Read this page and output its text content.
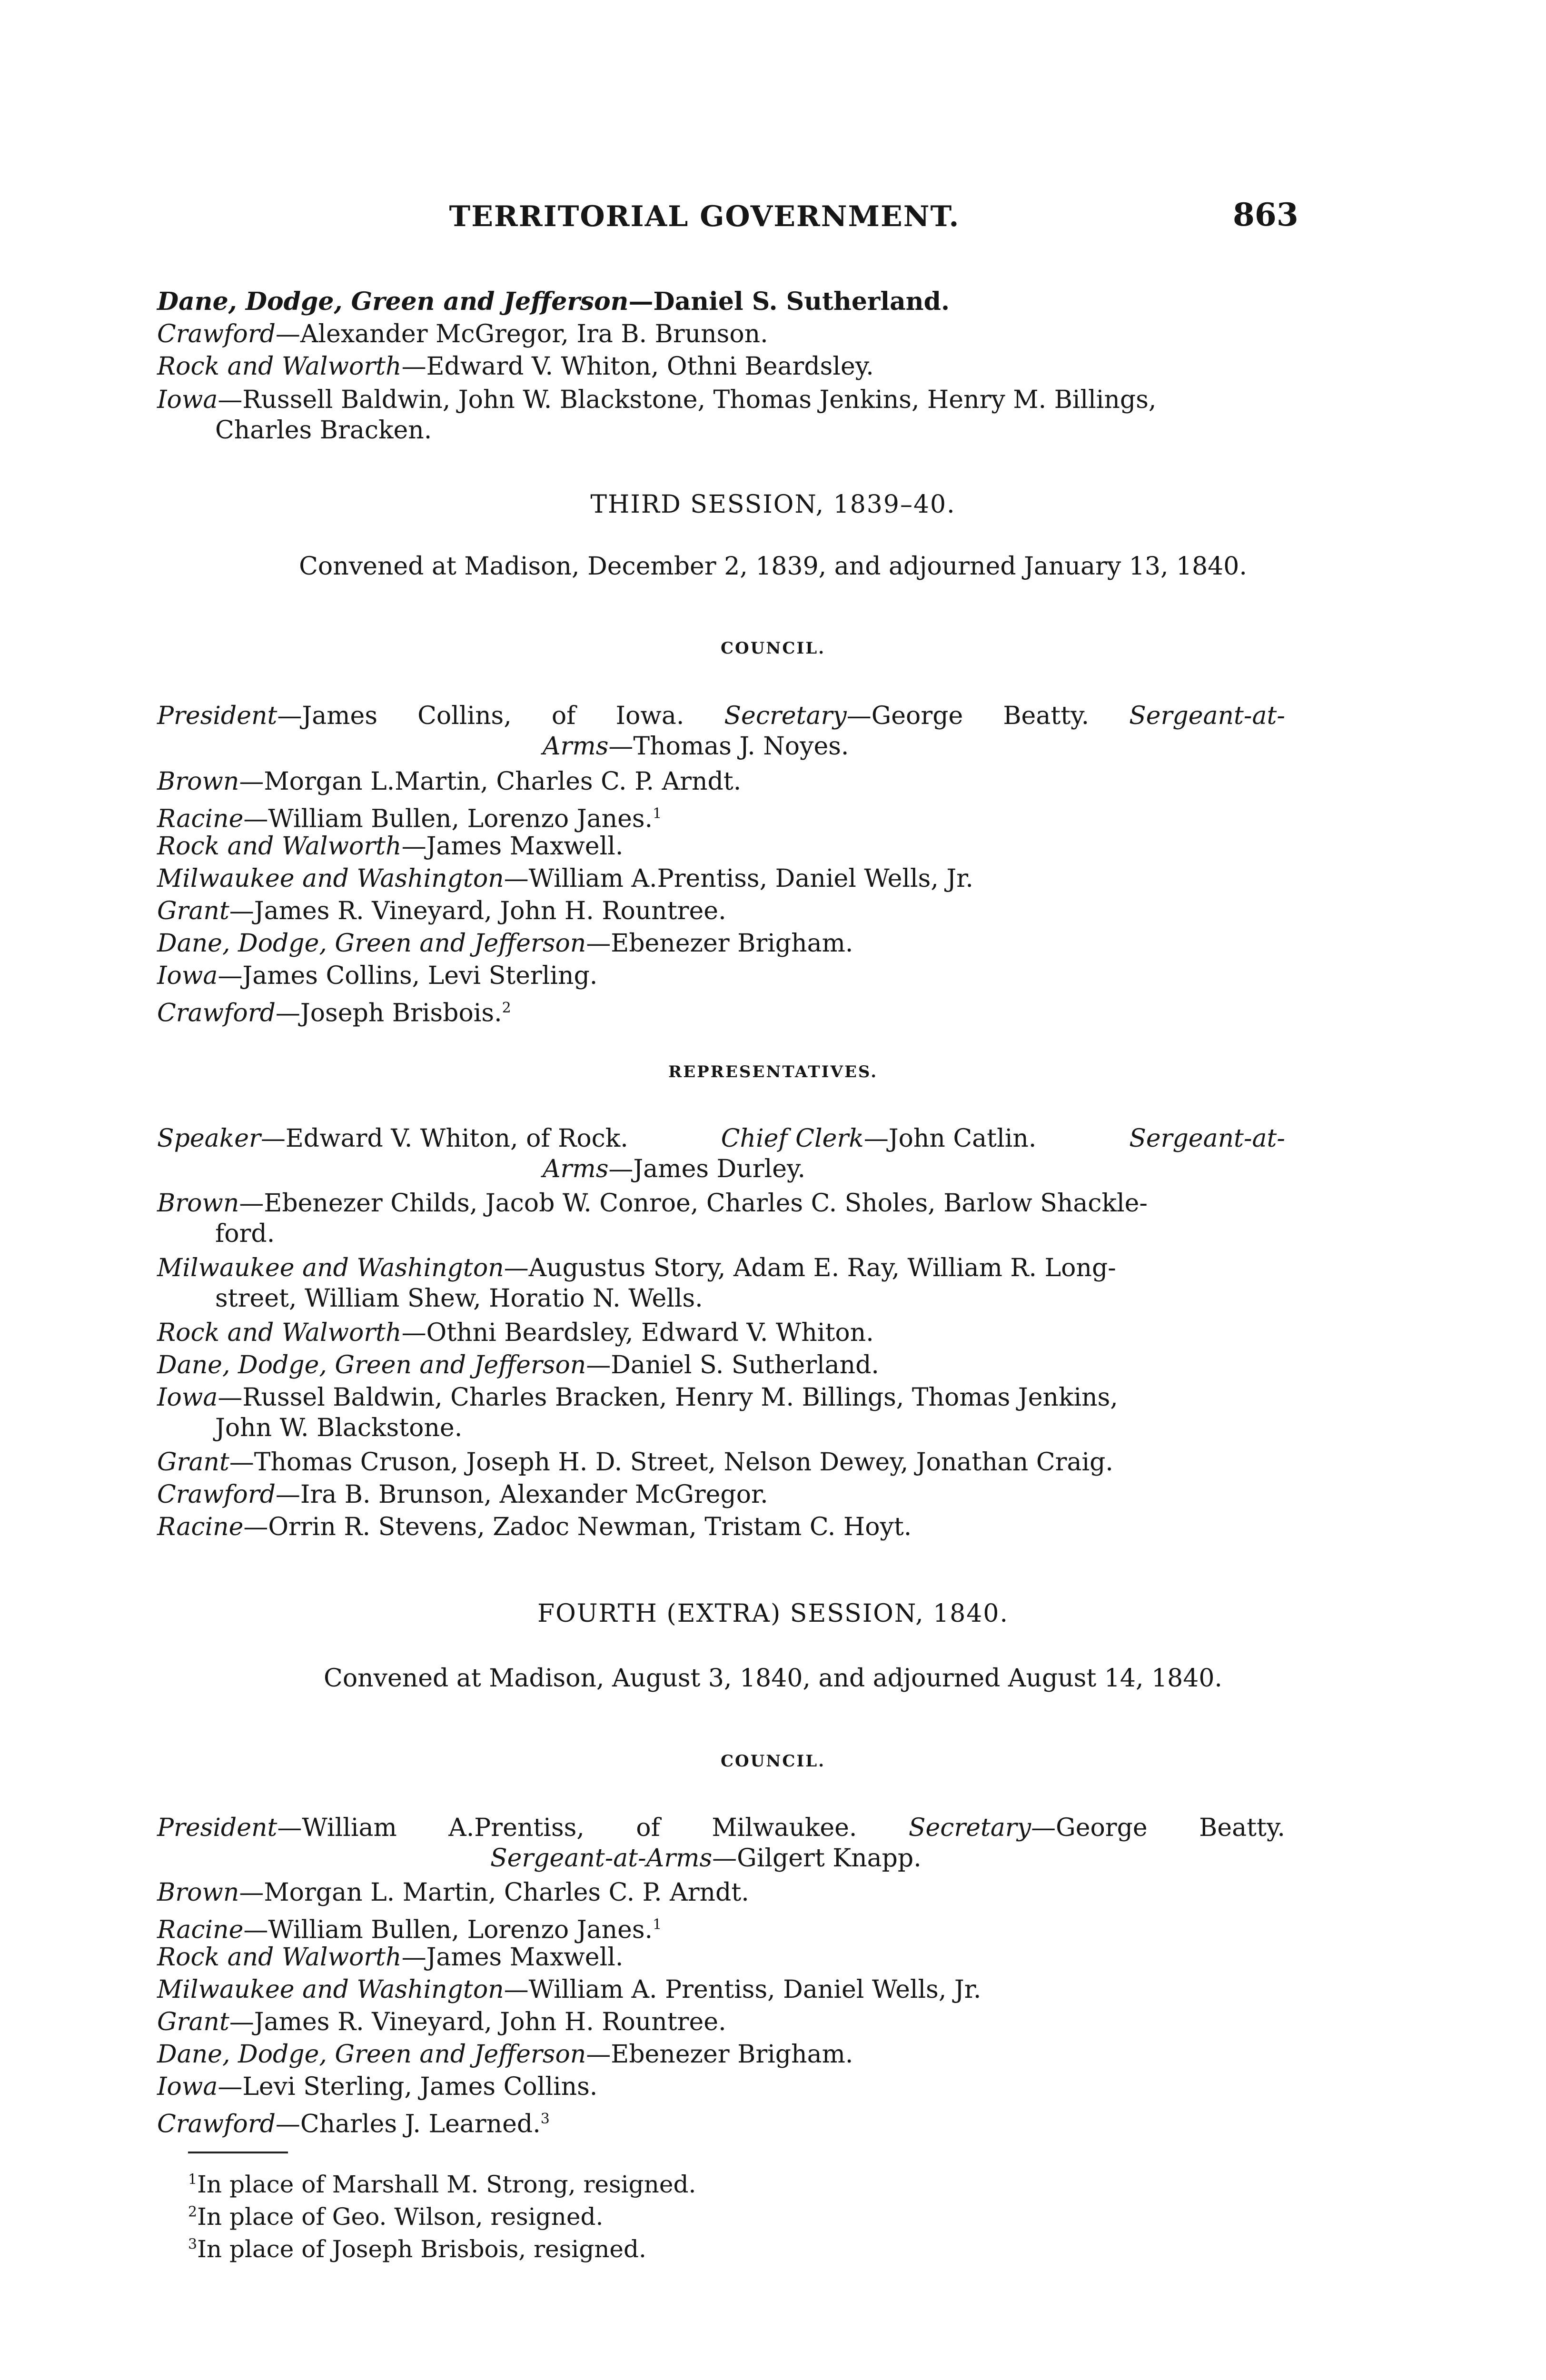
TERRITORIAL GOVERNMENT.	863
Dane, Dodge, Green and Jefferson—Daniel S. Sutherland.
Crawford—Alexander McGregor, Ira B. Brunson.
Rock and Walworth—Edward V. Whiton, Othni Beardsley.
Iowa—Russell Baldwin, John W. Blackstone, Thomas Jenkins, Henry M. Billings,
Charles Bracken.
THIRD SESSION, 1839–40.
Convened at Madison, December 2, 1839, and adjourned January 13, 1840.
COUNCIL.
President—James Collins, of Iowa. Secretary—George Beatty. Sergeant-at-
Arms—Thomas J. Noyes.
Brown—Morgan L.Martin, Charles C. P. Arndt.
Racine—William Bullen, Lorenzo Janes.$^1$
Rock and Walworth—James Maxwell.
Milwaukee and Washington—William A.Prentiss, Daniel Wells, Jr.
Grant—James R. Vineyard, John H. Rountree.
Dane, Dodge, Green and Jefferson—Ebenezer Brigham.
Iowa—James Collins, Levi Sterling.
Crawford—Joseph Brisbois.$^2$
REPRESENTATIVES.
Speaker—Edward V. Whiton, of Rock.	Chief Clerk—John Catlin.	Sergeant-at-
Arms—James Durley.
Brown—Ebenezer Childs, Jacob W. Conroe, Charles C. Sholes, Barlow Shackle-
ford.
Milwaukee and Washington—Augustus Story, Adam E. Ray, William R. Long-
street, William Shew, Horatio N. Wells.
Rock and Walworth—Othni Beardsley, Edward V. Whiton.
Dane, Dodge, Green and Jefferson—Daniel S. Sutherland.
Iowa—Russel Baldwin, Charles Bracken, Henry M. Billings, Thomas Jenkins,
John W. Blackstone.
Grant—Thomas Cruson, Joseph H. D. Street, Nelson Dewey, Jonathan Craig.
Crawford—Ira B. Brunson, Alexander McGregor.
Racine—Orrin R. Stevens, Zadoc Newman, Tristam C. Hoyt.
FOURTH (EXTRA) SESSION, 1840.
Convened at Madison, August 3, 1840, and adjourned August 14, 1840.
COUNCIL.
President—William A.Prentiss, of Milwaukee. Secretary—George Beatty.
Sergeant-at-Arms—Gilgert Knapp.
Brown—Morgan L. Martin, Charles C. P. Arndt.
Racine—William Bullen, Lorenzo Janes.$^1$
Rock and Walworth—James Maxwell.
Milwaukee and Washington—William A. Prentiss, Daniel Wells, Jr.
Grant—James R. Vineyard, John H. Rountree.
Dane, Dodge, Green and Jefferson—Ebenezer Brigham.
Iowa—Levi Sterling, James Collins.
Crawford—Charles J. Learned.$^3$
$^1$In place of Marshall M. Strong, resigned.
$^2$In place of Geo. Wilson, resigned.
$^3$In place of Joseph Brisbois, resigned.
